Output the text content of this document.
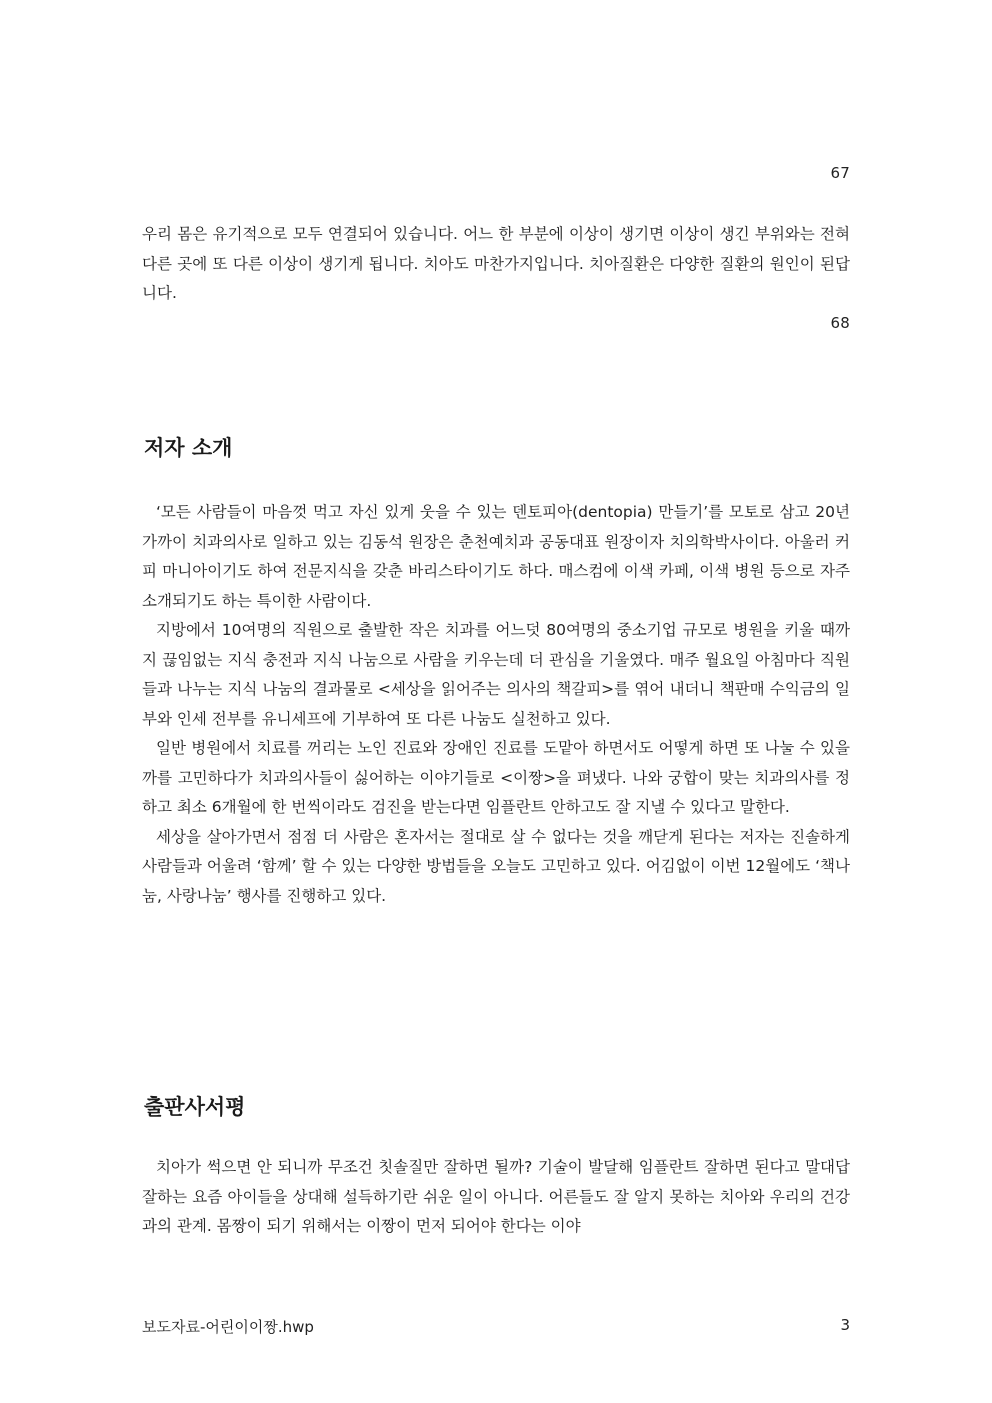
67

우리 몸은 유기적으로 모두 연결되어 있습니다. 어느 한 부분에 이상이 생기면 이상이 생긴 부위와는 전혀 다른 곳에 또 다른 이상이 생기게 됩니다. 치아도 마찬가지입니다. 치아질환은 다양한 질환의 원인이 된답니다.

68
저자 소개

‘모든 사람들이 마음껏 먹고 자신 있게 웃을 수 있는 덴토피아(dentopia) 만들기’를 모토로 삼고 20년 가까이 치과의사로 일하고 있는 김동석 원장은 춘천예치과 공동대표 원장이자 치의학박사이다. 아울러 커피 마니아이기도 하여 전문지식을 갖춘 바리스타이기도 하다. 매스컴에 이색 카페, 이색 병원 등으로 자주 소개되기도 하는 특이한 사람이다.

지방에서 10여명의 직원으로 출발한 작은 치과를 어느덧 80여명의 중소기업 규모로 병원을 키울 때까지 끊임없는 지식 충전과 지식 나눔으로 사람을 키우는데 더 관심을 기울였다. 매주 월요일 아침마다 직원들과 나누는 지식 나눔의 결과물로 <세상을 읽어주는 의사의 책갈피>를 엮어 내더니 책판매 수익금의 일부와 인세 전부를 유니세프에 기부하여 또 다른 나눔도 실천하고 있다.

일반 병원에서 치료를 꺼리는 노인 진료와 장애인 진료를 도맡아 하면서도 어떻게 하면 또 나눌 수 있을까를 고민하다가 치과의사들이 싫어하는 이야기들로 <이짱>을 펴냈다. 나와 궁합이 맞는 치과의사를 정하고 최소 6개월에 한 번씩이라도 검진을 받는다면 임플란트 안하고도 잘 지낼 수 있다고 말한다.

세상을 살아가면서 점점 더 사람은 혼자서는 절대로 살 수 없다는 것을 깨닫게 된다는 저자는 진솔하게 사람들과 어울려 ‘함께’ 할 수 있는 다양한 방법들을 오늘도 고민하고 있다. 어김없이 이번 12월에도 ‘책나눔, 사랑나눔’ 행사를 진행하고 있다.

출판사서평

치아가 썩으면 안 되니까 무조건 칫솔질만 잘하면 될까? 기술이 발달해 임플란트 잘하면 된다고 말대답 잘하는 요즘 아이들을 상대해 설득하기란 쉬운 일이 아니다. 어른들도 잘 알지 못하는 치아와 우리의 건강과의 관계. 몸짱이 되기 위해서는 이짱이 먼저 되어야 한다는 이야

보도자료-어린이이짱.hwp	3
